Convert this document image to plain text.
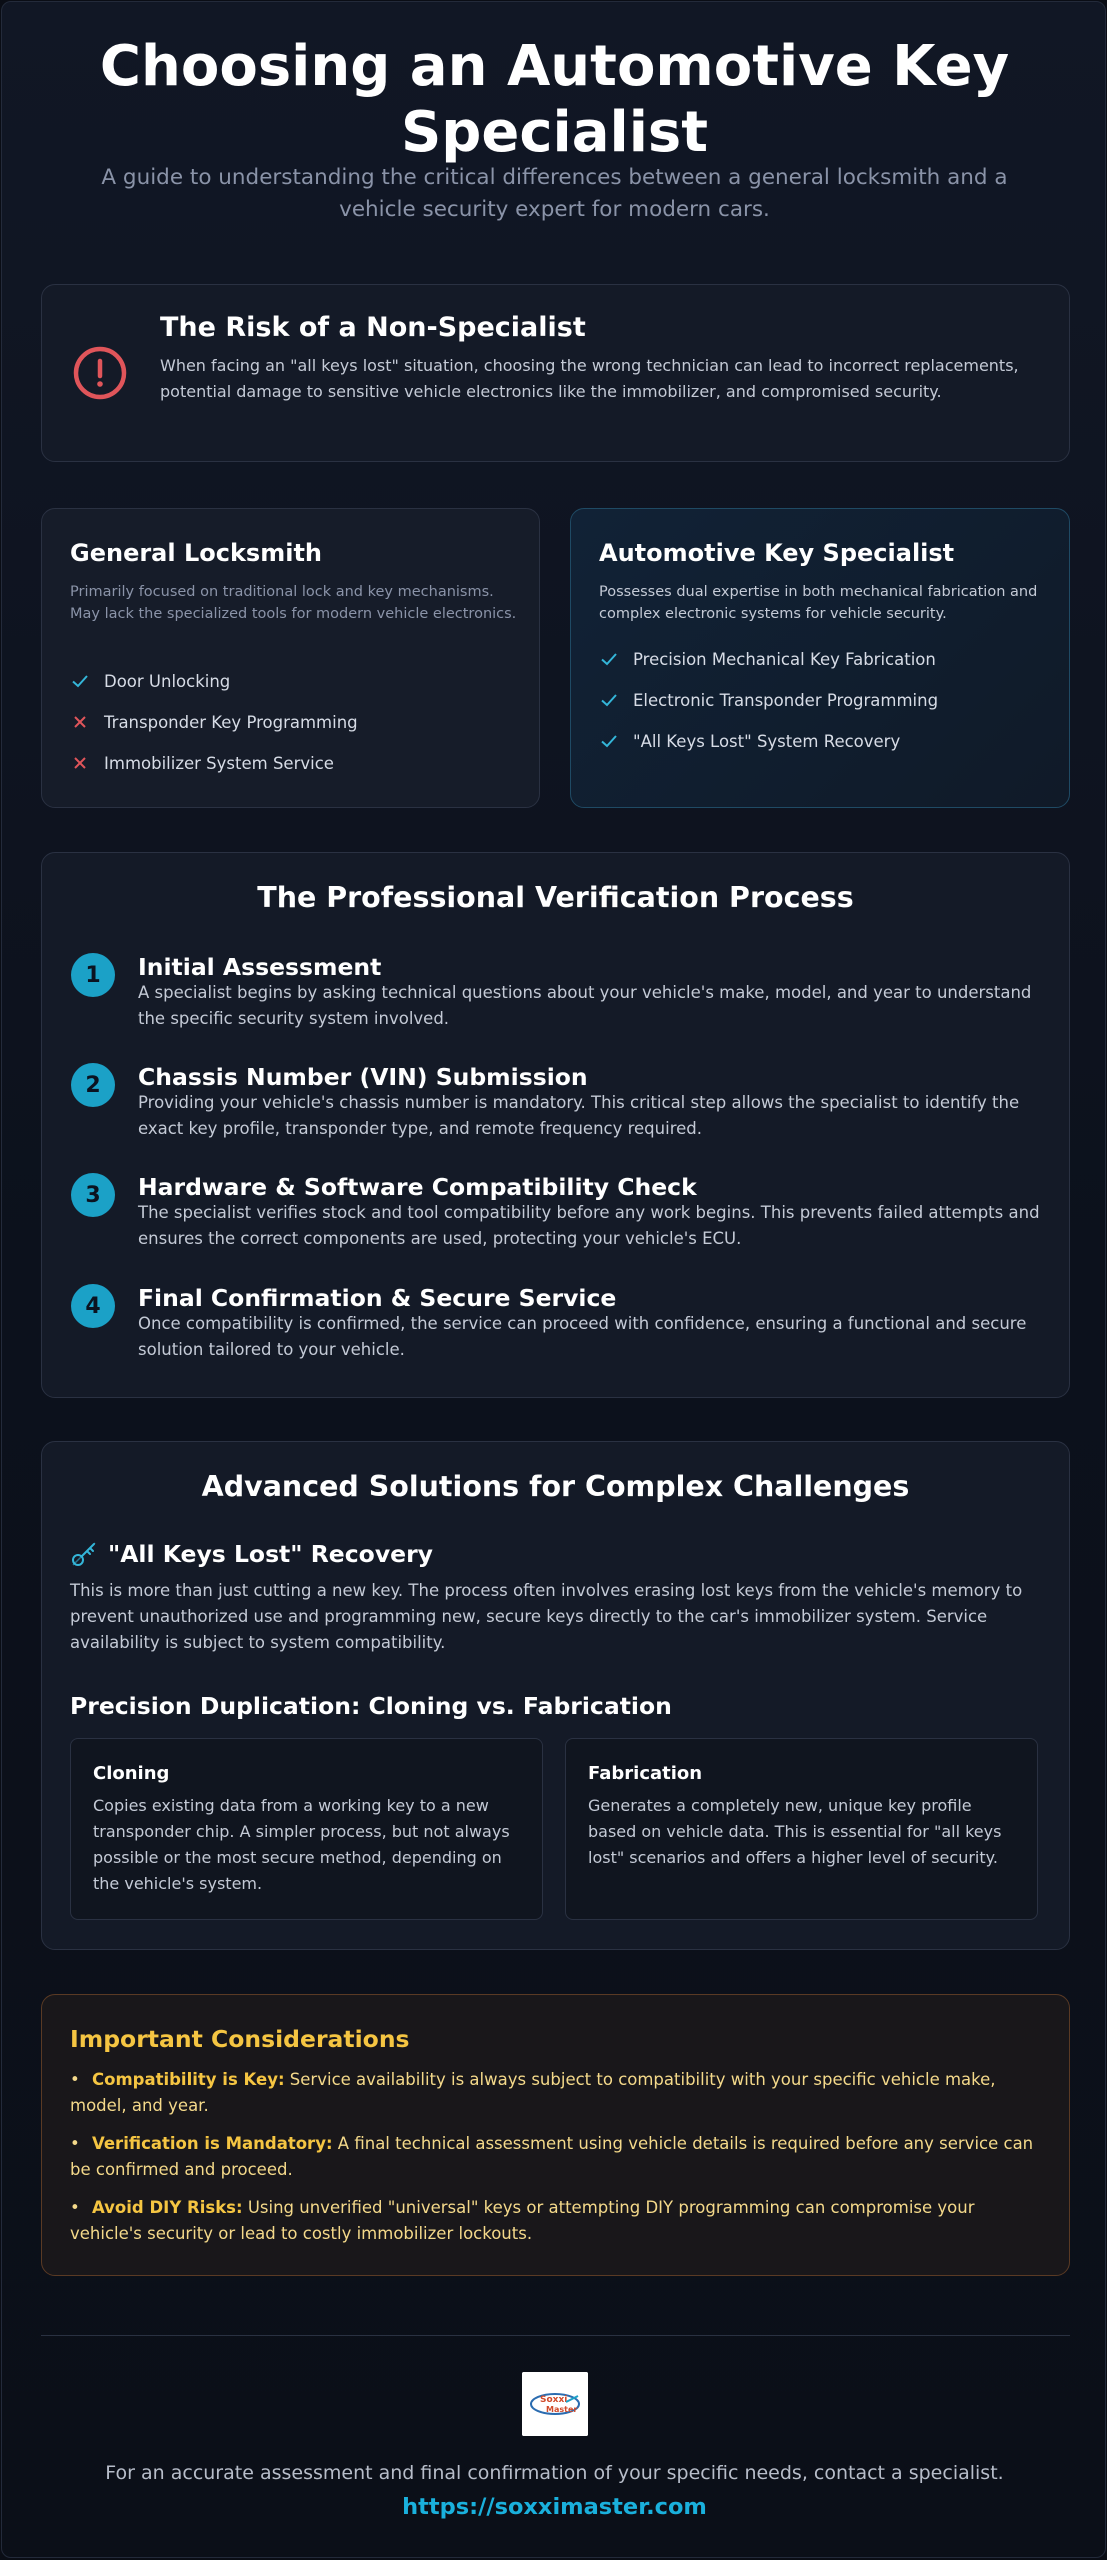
Choosing an Automotive Key Specialist

A guide to understanding the critical differences between a general locksmith and a vehicle security expert for modern cars.

The Risk of a Non-Specialist

When facing an "all keys lost" situation, choosing the wrong technician can lead to incorrect replacements, potential damage to sensitive vehicle electronics like the immobilizer, and compromised security.

General Locksmith

Primarily focused on traditional lock and key mechanisms. May lack the specialized tools for modern vehicle electronics.

Door Unlocking
Transponder Key Programming
Immobilizer System Service
Automotive Key Specialist

Possesses dual expertise in both mechanical fabrication and complex electronic systems for vehicle security.

Precision Mechanical Key Fabrication
Electronic Transponder Programming
"All Keys Lost" System Recovery
The Professional Verification Process
1	Initial Assessment

A specialist begins by asking technical questions about your vehicle's make, model, and year to understand the specific security system involved.

2	Chassis Number (VIN) Submission

Providing your vehicle's chassis number is mandatory. This critical step allows the specialist to identify the exact key profile, transponder type, and remote frequency required.

3	Hardware & Software Compatibility Check

The specialist verifies stock and tool compatibility before any work begins. This prevents failed attempts and ensures the correct components are used, protecting your vehicle's ECU.

4	Final Confirmation & Secure Service

Once compatibility is confirmed, the service can proceed with confidence, ensuring a functional and secure solution tailored to your vehicle.

Advanced Solutions for Complex Challenges
"All Keys Lost" Recovery

This is more than just cutting a new key. The process often involves erasing lost keys from the vehicle's memory to prevent unauthorized use and programming new, secure keys directly to the car's immobilizer system. Service availability is subject to system compatibility.

Precision Duplication: Cloning vs. Fabrication
Cloning

Copies existing data from a working key to a new transponder chip. A simpler process, but not always possible or the most secure method, depending on the vehicle's system.

Fabrication

Generates a completely new, unique key profile based on vehicle data. This is essential for "all keys lost" scenarios and offers a higher level of security.

Important Considerations
• Compatibility is Key: Service availability is always subject to compatibility with your specific vehicle make, model, and year.
• Verification is Mandatory: A final technical assessment using vehicle details is required before any service can be confirmed and proceed.
• Avoid DIY Risks: Using unverified "universal" keys or attempting DIY programming can compromise your vehicle's security or lead to costly immobilizer lockouts.
Soxxi
Master

For an accurate assessment and final confirmation of your specific needs, contact a specialist.

https://soxximaster.com
